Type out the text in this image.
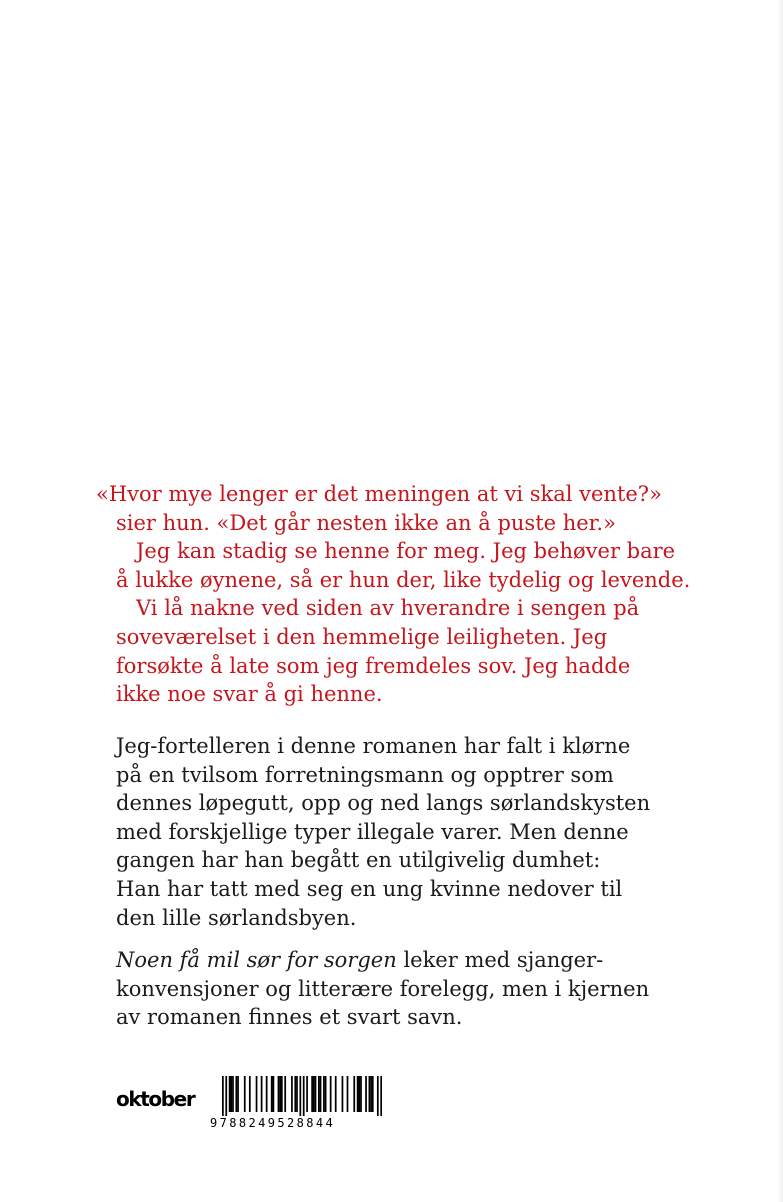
«Hvor mye lenger er det meningen at vi skal vente?»

sier hun. «Det går nesten ikke an å puste her.»

Jeg kan stadig se henne for meg. Jeg behøver bare

å lukke øynene, så er hun der, like tydelig og levende.

Vi lå nakne ved siden av hverandre i sengen på

soveværelset i den hemmelige leiligheten. Jeg

forsøkte å late som jeg fremdeles sov. Jeg hadde

ikke noe svar å gi henne.

Jeg-fortelleren i denne romanen har falt i klørne

på en tvilsom forretningsmann og opptrer som

dennes løpegutt, opp og ned langs sørlandskysten

med forskjellige typer illegale varer. Men denne

gangen har han begått en utilgivelig dumhet:

Han har tatt med seg en ung kvinne nedover til

den lille sørlandsbyen.

Noen få mil sør for sorgen leker med sjanger-

konvensjoner og litterære forelegg, men i kjernen

av romanen finnes et svart savn.

oktober
9788249528844
